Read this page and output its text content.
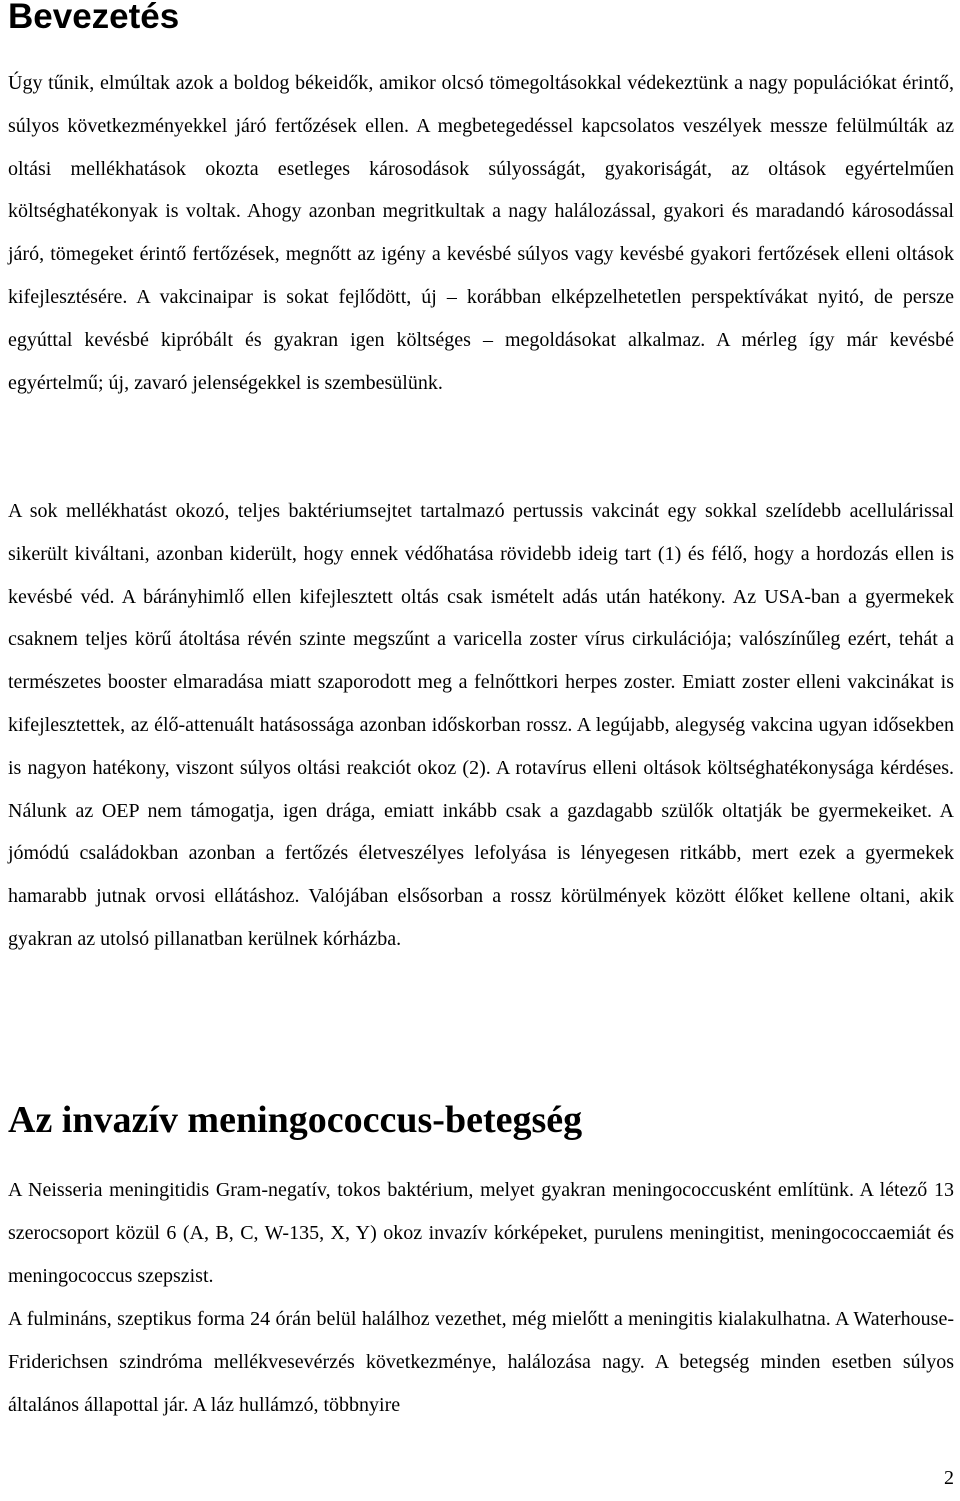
Bevezetés

Úgy tűnik, elmúltak azok a boldog békeidők, amikor olcsó tömegoltásokkal védekeztünk a nagy populációkat érintő, súlyos következményekkel járó fertőzések ellen. A megbetegedéssel kapcsolatos veszélyek messze felülmúlták az oltási mellékhatások okozta esetleges károsodások súlyosságát, gyakoriságát, az oltások egyértelműen költséghatékonyak is voltak. Ahogy azonban megritkultak a nagy halálozással, gyakori és maradandó károsodással járó, tömegeket érintő fertőzések, megnőtt az igény a kevésbé súlyos vagy kevésbé gyakori fertőzések elleni oltások kifejlesztésére. A vakcinaipar is sokat fejlődött, új – korábban elképzelhetetlen perspektívákat nyitó, de persze egyúttal kevésbé kipróbált és gyakran igen költséges – megoldásokat alkalmaz. A mérleg így már kevésbé egyértelmű; új, zavaró jelenségekkel is szembesülünk.

A sok mellékhatást okozó, teljes baktériumsejtet tartalmazó pertussis vakcinát egy sokkal szelídebb acellulárissal sikerült kiváltani, azonban kiderült, hogy ennek védőhatása rövidebb ideig tart (1) és félő, hogy a hordozás ellen is kevésbé véd. A bárányhimlő ellen kifejlesztett oltás csak ismételt adás után hatékony. Az USA-ban a gyermekek csaknem teljes körű átoltása révén szinte megszűnt a varicella zoster vírus cirkulációja; valószínűleg ezért, tehát a természetes booster elmaradása miatt szaporodott meg a felnőttkori herpes zoster. Emiatt zoster elleni vakcinákat is kifejlesztettek, az élő-attenuált hatásossága azonban időskorban rossz. A legújabb, alegység vakcina ugyan idősekben is nagyon hatékony, viszont súlyos oltási reakciót okoz (2). A rotavírus elleni oltások költséghatékonysága kérdéses. Nálunk az OEP nem támogatja, igen drága, emiatt inkább csak a gazdagabb szülők oltatják be gyermekeiket. A jómódú családokban azonban a fertőzés életveszélyes lefolyása is lényegesen ritkább, mert ezek a gyermekek hamarabb jutnak orvosi ellátáshoz. Valójában elsősorban a rossz körülmények között élőket kellene oltani, akik gyakran az utolsó pillanatban kerülnek kórházba.

Az invazív meningococcus-betegség

A Neisseria meningitidis Gram-negatív, tokos baktérium, melyet gyakran meningococcusként említünk. A létező 13 szerocsoport közül 6 (A, B, C, W-135, X, Y) okoz invazív kórképeket, purulens meningitist, meningococcaemiát és meningococcus szepszist.

A fulmináns, szeptikus forma 24 órán belül halálhoz vezethet, még mielőtt a meningitis kialakulhatna. A Waterhouse-Friderichsen szindróma mellékvesevérzés következménye, halálozása nagy. A betegség minden esetben súlyos általános állapottal jár. A láz hullámzó, többnyire

2
